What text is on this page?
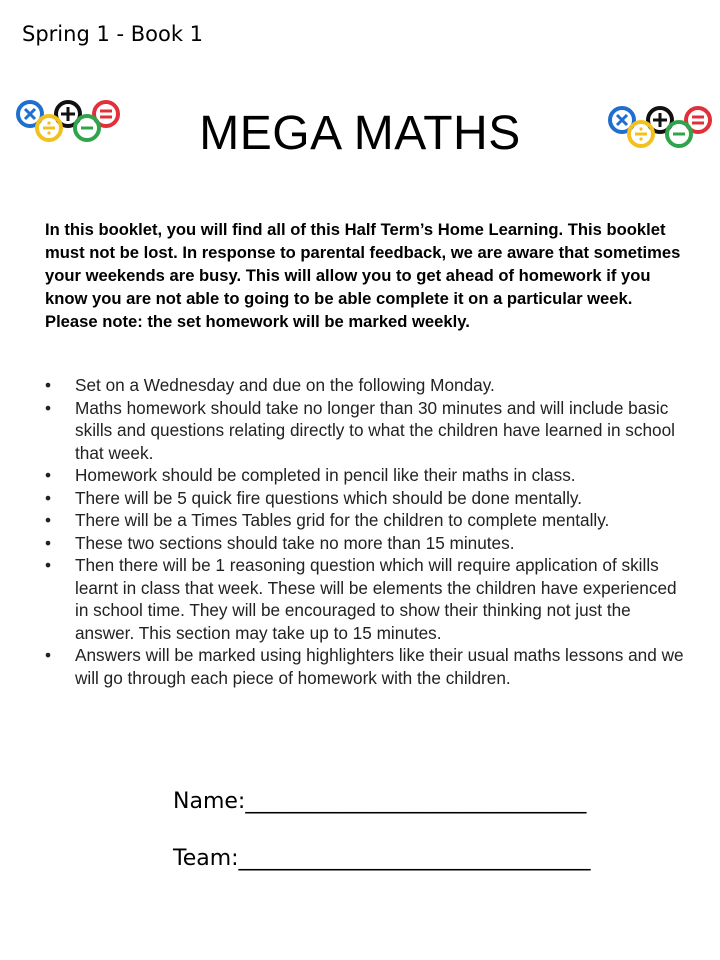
Spring 1 - Book 1
MEGA MATHS
In this booklet, you will find all of this Half Term’s Home Learning. This booklet must not be lost. In response to parental feedback, we are aware that sometimes your weekends are busy. This will allow you to get ahead of homework if you know you are not able to going to be able complete it on a particular week. Please note: the set homework will be marked weekly.
• Set on a Wednesday and due on the following Monday.
• Maths homework should take no longer than 30 minutes and will include basic skills and questions relating directly to what the children have learned in school that week.
• Homework should be completed in pencil like their maths in class.
• There will be 5 quick fire questions which should be done mentally.
• There will be a Times Tables grid for the children to complete mentally.
• These two sections should take no more than 15 minutes.
• Then there will be 1 reasoning question which will require application of skills learnt in class that week. These will be elements the children have experienced in school time. They will be encouraged to show their thinking not just the answer. This section may take up to 15 minutes.
• Answers will be marked using highlighters like their usual maths lessons and we will go through each piece of homework with the children.
Name:_______________________________
Team:________________________________
